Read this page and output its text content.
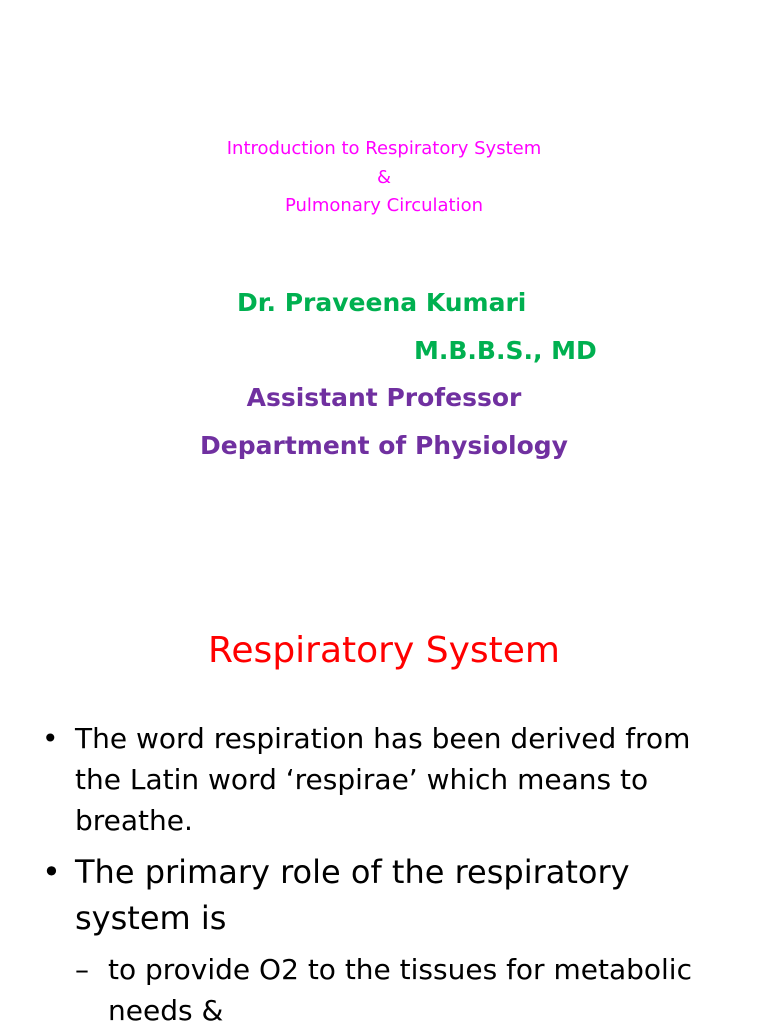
Introduction to Respiratory System
&
Pulmonary Circulation
Dr. Praveena Kumari
M.B.B.S., MD
Assistant Professor
Department of Physiology
Respiratory System
• The word respiration has been derived from the Latin word ‘respirae’ which means to breathe.
• The primary role of the respiratory system is
– to provide O2 to the tissues for metabolic needs &
